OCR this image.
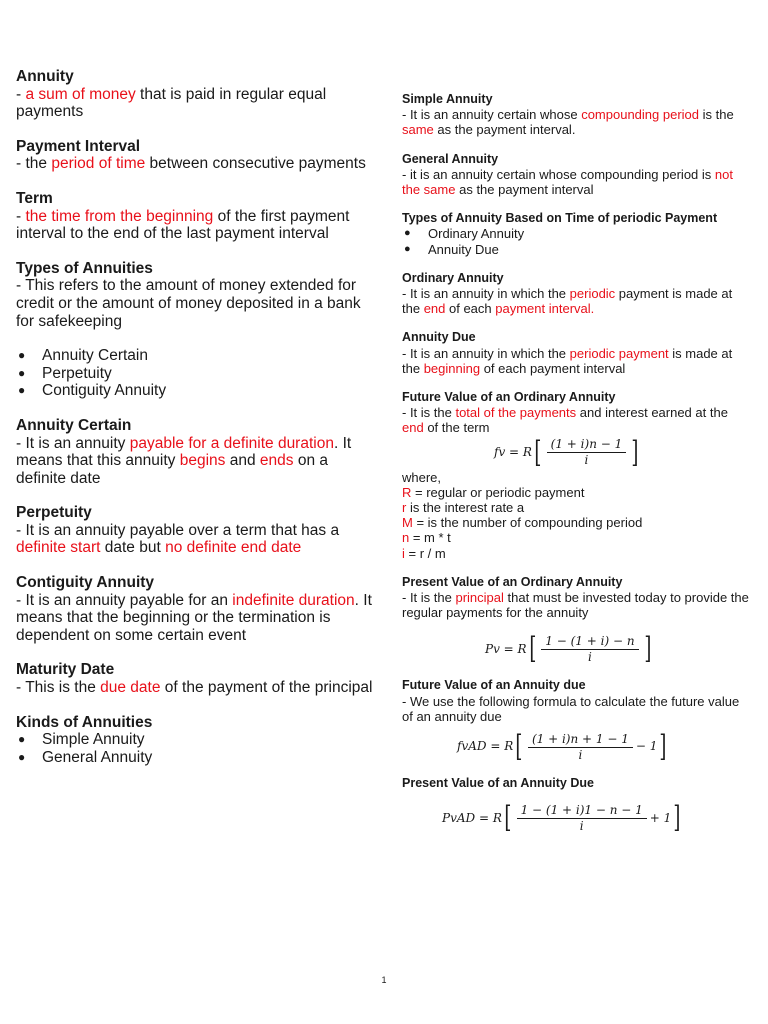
Annuity

- a sum of money that is paid in regular equal payments

Payment Interval

- the period of time between consecutive payments

Term

- the time from the beginning of the first payment interval to the end of the last payment interval

Types of Annuities

- This refers to the amount of money extended for credit or the amount of money deposited in a bank for safekeeping

● Annuity Certain
● Perpetuity
● Contiguity Annuity

Annuity Certain

- It is an annuity payable for a definite duration. It means that this annuity begins and ends on a definite date

Perpetuity

- It is an annuity payable over a term that has a definite start date but no definite end date

Contiguity Annuity

- It is an annuity payable for an indefinite duration. It means that the beginning or the termination is dependent on some certain event

Maturity Date

- This is the due date of the payment of the principal

Kinds of Annuities

● Simple Annuity
● General Annuity

Simple Annuity

- It is an annuity certain whose compounding period is the same as the payment interval.

General Annuity

- it is an annuity certain whose compounding period is not the same as the payment interval

Types of Annuity Based on Time of periodic Payment

● Ordinary Annuity
● Annuity Due

Ordinary Annuity

- It is an annuity in which the periodic payment is made at the end of each payment interval.

Annuity Due

- It is an annuity in which the periodic payment is made at the beginning of each payment interval

Future Value of an Ordinary Annuity

- It is the total of the payments and interest earned at the end of the term

fv = R [ $\frac{(1 + i)n - 1}{i}$ ]

where,

R = regular or periodic payment

r is the interest rate a

M = is the number of compounding period

n = m * t

i = r / m

Present Value of an Ordinary Annuity

- It is the principal that must be invested today to provide the regular payments for the annuity

Pv = R [ $\frac{1 - (1 + i) - n}{i}$ ]

Future Value of an Annuity due

- We use the following formula to calculate the future value of an annuity due

fvAD = R [ $\frac{(1 + i)n + 1 - 1}{i} - 1$ ]

Present Value of an Annuity Due

PvAD = R [ $\frac{1 - (1 + i)1 - n - 1}{i} + 1$ ]
1
